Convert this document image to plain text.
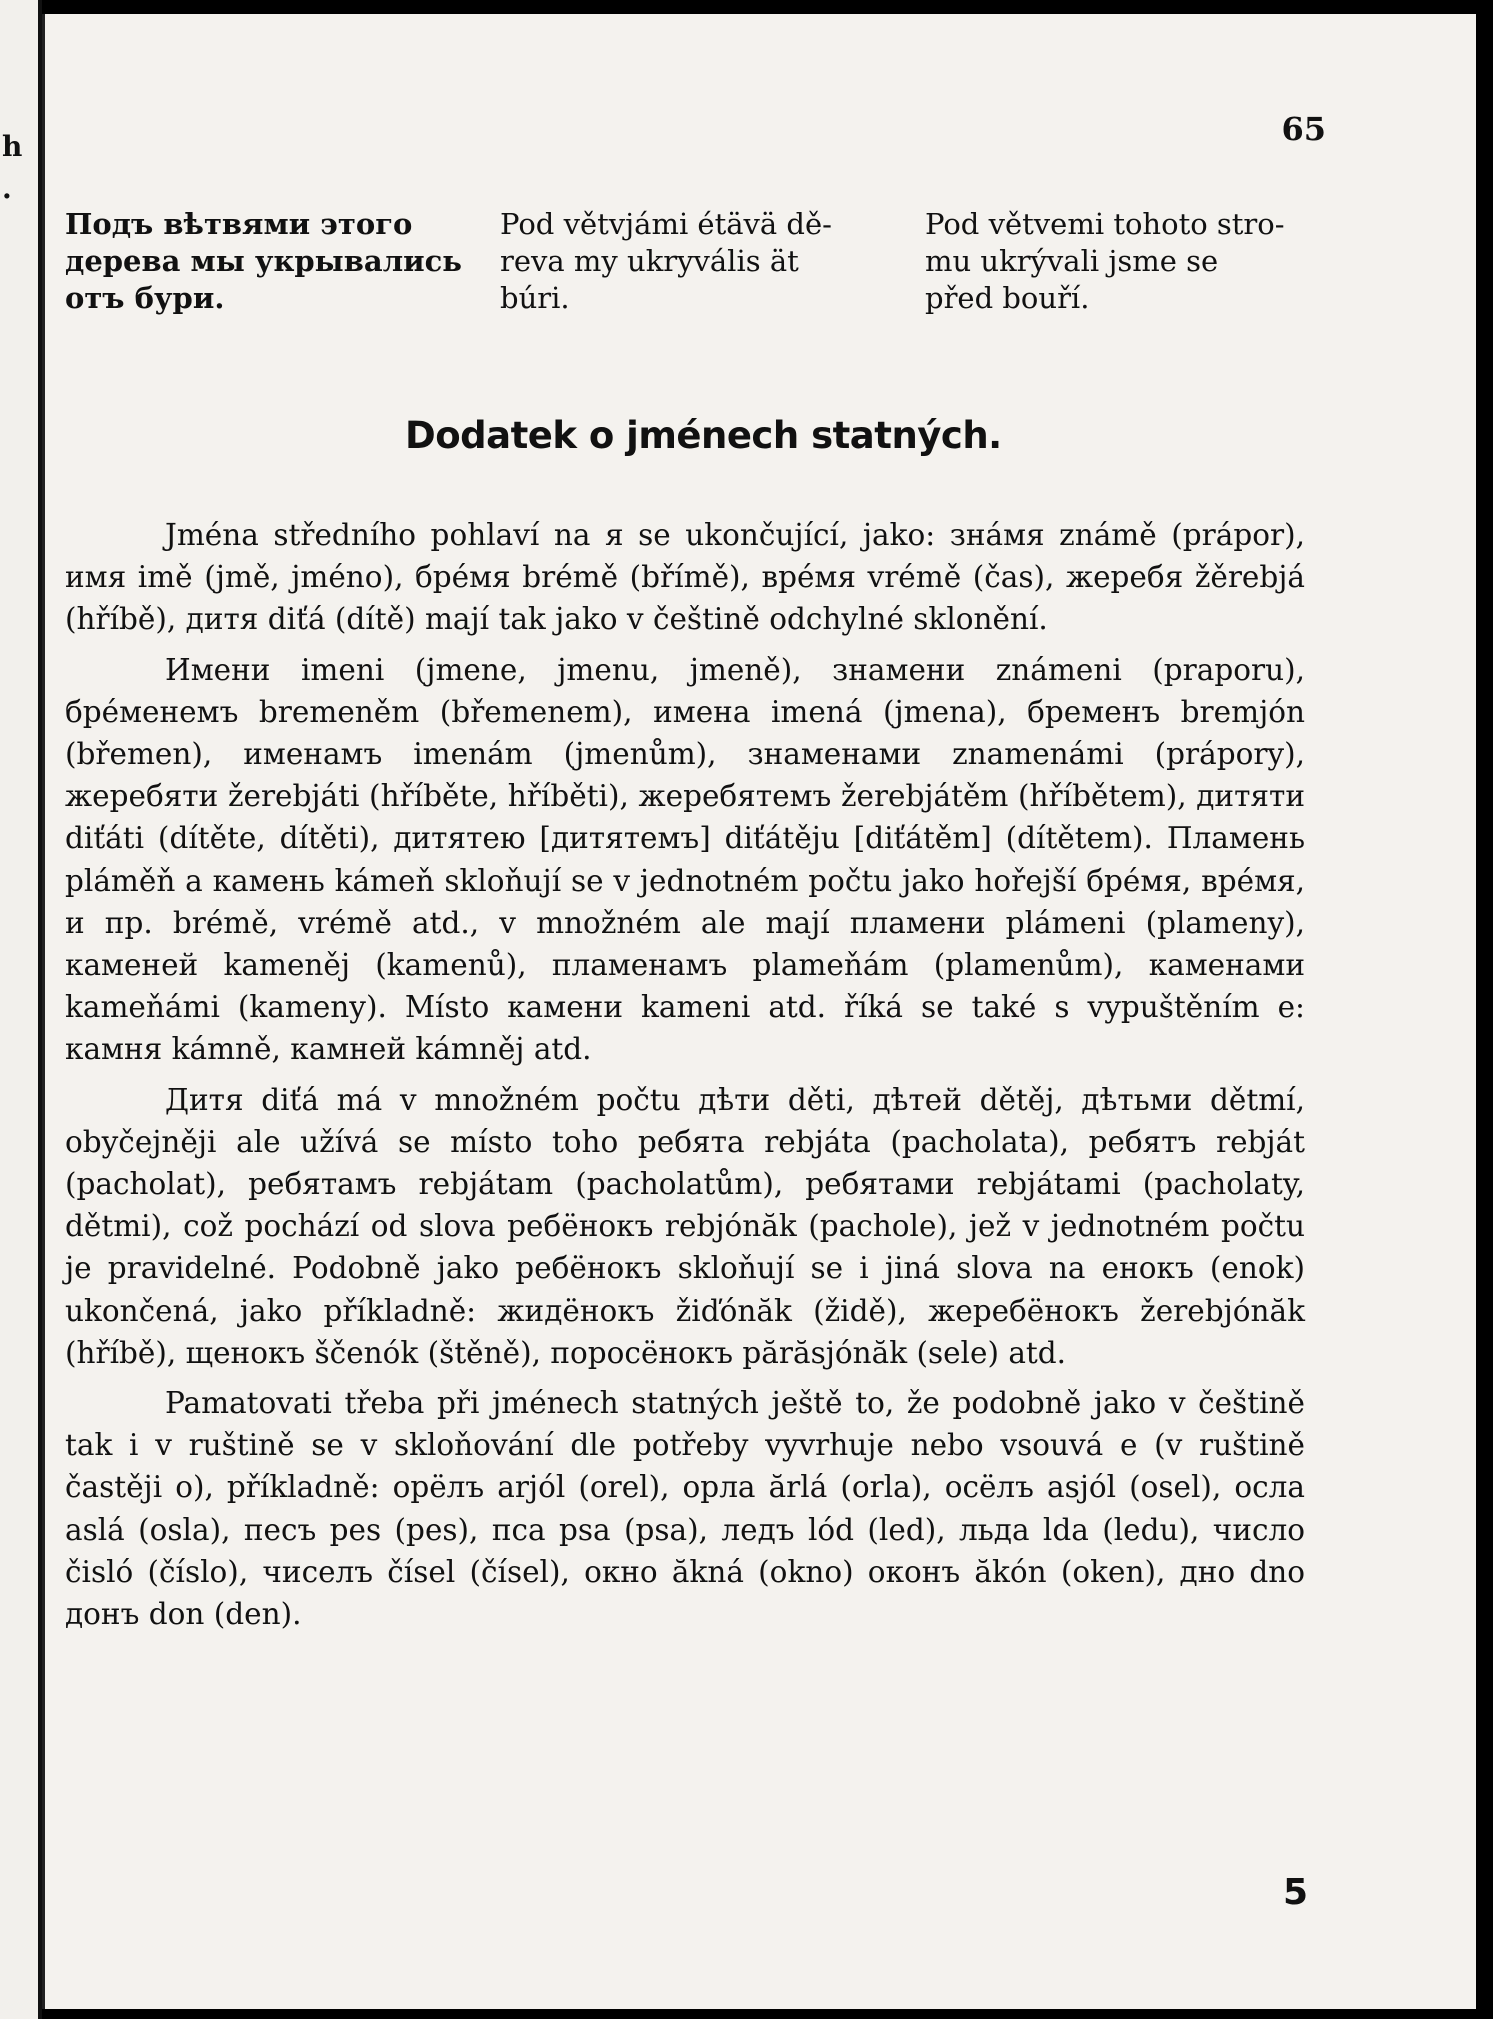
h
.
65
Подъ вѣтвями этого
дерева мы укрывались отъ бури.
Pod větvjámi étävä dě-
reva my ukryvális ät
búri.
Pod větvemi tohoto stro-
mu ukrývali jsme se
před bouří.
Dodatek o jménech statných.

Jména středního pohlaví na я se ukončující, jako: знáмя známě (prápor), имя imě (jmě, jméno), брéмя brémě (břímě), врéмя vrémě (čas), жеребя žěrebjá (hříbě), дитя diťá (dítě) mají tak jako v češtině odchylné sklonění.

Имени imeni (jmene, jmenu, jmeně), знамени známeni (praporu), брéменемъ bremeněm (břemenem), имена imená (jmena), бременъ bremjón (břemen), именамъ imenám (jmenům), знаменами znamenámi (prápory), жеребяти žerebjáti (hříběte, hříběti), жеребятемъ žerebjátěm (hříbětem), дитяти diťáti (dítěte, dítěti), дитятею [дитятемъ] diťátěju [diťátěm] (dítětem). Пламень pláměň a камень kámeň skloňují se v jednotném počtu jako hořejší брéмя, врéмя, и пр. brémě, vrémě atd., v množném ale mají пламени plámeni (plameny), каменей kameněj (kamenů), пламенамъ plameňám (plamenům), каменами kameňámi (kameny). Místo камени kameni atd. říká se také s vypuštěním e: камня kámně, камней kámněj atd.

Дитя diťá má v množném počtu дѣти děti, дѣтей dětěj, дѣтьми dětmí, obyčejněji ale užívá se místo toho ребята rebjáta (pacholata), ребятъ rebját (pacholat), ребятамъ rebjátam (pacholatům), ребятами rebjátami (pacholaty, dětmi), což pochází od slova ребёнокъ rebjónăk (pachole), jež v jednotném počtu je pravidelné. Podobně jako ребёнокъ skloňují se i jiná slova na енокъ (enok) ukončená, jako příkladně: жидёнокъ žiďónăk (židě), жеребёнокъ žerebjónăk (hříbě), щенокъ ščenók (štěně), поросёнокъ părăsjónăk (sele) atd.

Pamatovati třeba při jménech statných ještě to, že podobně jako v češtině tak i v ruštině se v skloňování dle potřeby vyvrhuje nebo vsouvá e (v ruštině častěji o), příkladně: орёлъ arjól (orel), орла ărlá (orla), осёлъ asjól (osel), осла aslá (osla), песъ pes (pes), пса psa (psa), ледъ lód (led), льда lda (ledu), число čisló (číslo), чиселъ čísel (čísel), окно ăkná (okno) оконъ ăkón (oken), дно dno донъ don (den).

5
